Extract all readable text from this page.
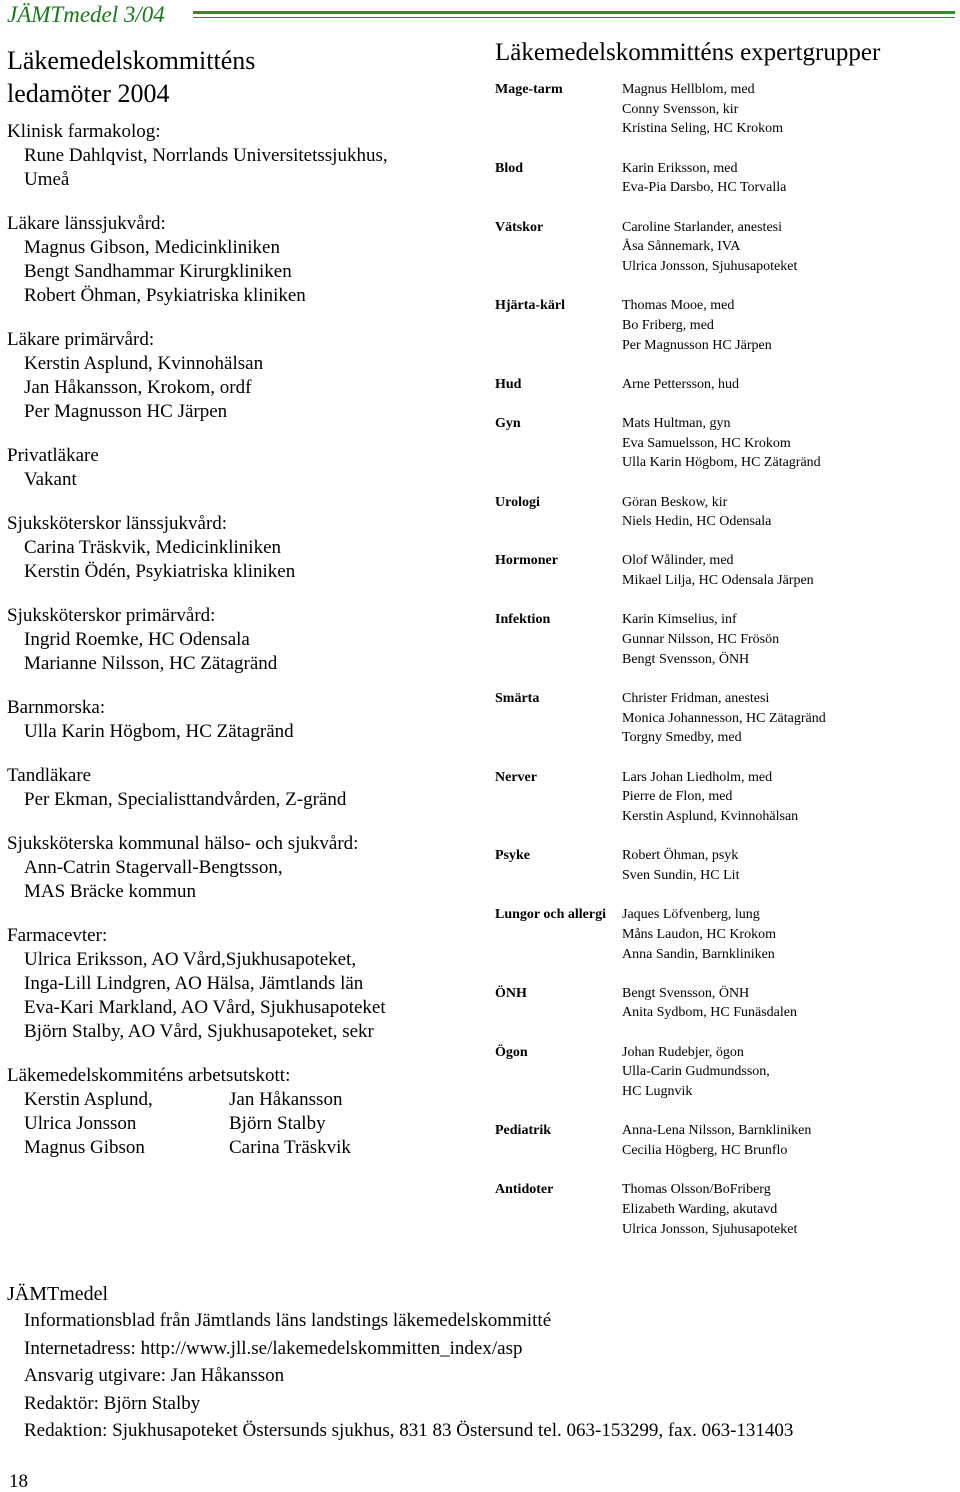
JÄMTmedel 3/04
Läkemedelskommitténs
ledamöter 2004
Klinisk farmakolog:
Rune Dahlqvist, Norrlands Universitetssjukhus,
Umeå
Läkare länssjukvård:
Magnus Gibson, Medicinkliniken
Bengt Sandhammar Kirurgkliniken
Robert Öhman, Psykiatriska kliniken
Läkare primärvård:
Kerstin Asplund, Kvinnohälsan
Jan Håkansson, Krokom, ordf
Per Magnusson HC Järpen
Privatläkare
Vakant
Sjuksköterskor länssjukvård:
Carina Träskvik, Medicinkliniken
Kerstin Ödén, Psykiatriska kliniken
Sjuksköterskor primärvård:
Ingrid Roemke, HC Odensala
Marianne Nilsson, HC Zätagränd
Barnmorska:
Ulla Karin Högbom, HC Zätagränd
Tandläkare
Per Ekman, Specialisttandvården, Z-gränd
Sjuksköterska kommunal hälso- och sjukvård:
Ann-Catrin Stagervall-Bengtsson,
MAS Bräcke kommun
Farmacevter:
Ulrica Eriksson, AO Vård,Sjukhusapoteket,
Inga-Lill Lindgren, AO Hälsa, Jämtlands län
Eva-Kari Markland, AO Vård, Sjukhusapoteket
Björn Stalby, AO Vård, Sjukhusapoteket, sekr
Läkemedelskommiténs arbetsutskott:
Kerstin Asplund,	Jan Håkansson
Ulrica Jonsson	Björn Stalby
Magnus Gibson	Carina Träskvik
Läkemedelskommitténs expertgrupper
Mage-tarm	Magnus Hellblom, med
Conny Svensson, kir
Kristina Seling, HC Krokom
Blod	Karin Eriksson, med
Eva-Pia Darsbo, HC Torvalla
Vätskor	Caroline Starlander, anestesi
Åsa Sånnemark, IVA
Ulrica Jonsson, Sjuhusapoteket
Hjärta-kärl	Thomas Mooe, med
Bo Friberg, med
Per Magnusson HC Järpen
Hud	Arne Pettersson, hud
Gyn	Mats Hultman, gyn
Eva Samuelsson, HC Krokom
Ulla Karin Högbom, HC Zätagränd
Urologi	Göran Beskow, kir
Niels Hedin, HC Odensala
Hormoner	Olof Wålinder, med
Mikael Lilja, HC Odensala Järpen
Infektion	Karin Kimselius, inf
Gunnar Nilsson, HC Frösön
Bengt Svensson, ÖNH
Smärta	Christer Fridman, anestesi
Monica Johannesson, HC Zätagränd
Torgny Smedby, med
Nerver	Lars Johan Liedholm, med
Pierre de Flon, med
Kerstin Asplund, Kvinnohälsan
Psyke	Robert Öhman, psyk
Sven Sundin, HC Lit
Lungor och allergi	Jaques Löfvenberg, lung
Måns Laudon, HC Krokom
Anna Sandin, Barnkliniken
ÖNH	Bengt Svensson, ÖNH
Anita Sydbom, HC Funäsdalen
Ögon	Johan Rudebjer, ögon
Ulla-Carin Gudmundsson,
HC Lugnvik
Pediatrik	Anna-Lena Nilsson, Barnkliniken
Cecilia Högberg, HC Brunflo
Antidoter	Thomas Olsson/BoFriberg
Elizabeth Warding, akutavd
Ulrica Jonsson, Sjuhusapoteket
JÄMTmedel
Informationsblad från Jämtlands läns landstings läkemedelskommitté
Internetadress: http://www.jll.se/lakemedelskommitten_index/asp
Ansvarig utgivare: Jan Håkansson
Redaktör: Björn Stalby
Redaktion: Sjukhusapoteket Östersunds sjukhus, 831 83 Östersund tel. 063-153299, fax. 063-131403
18
